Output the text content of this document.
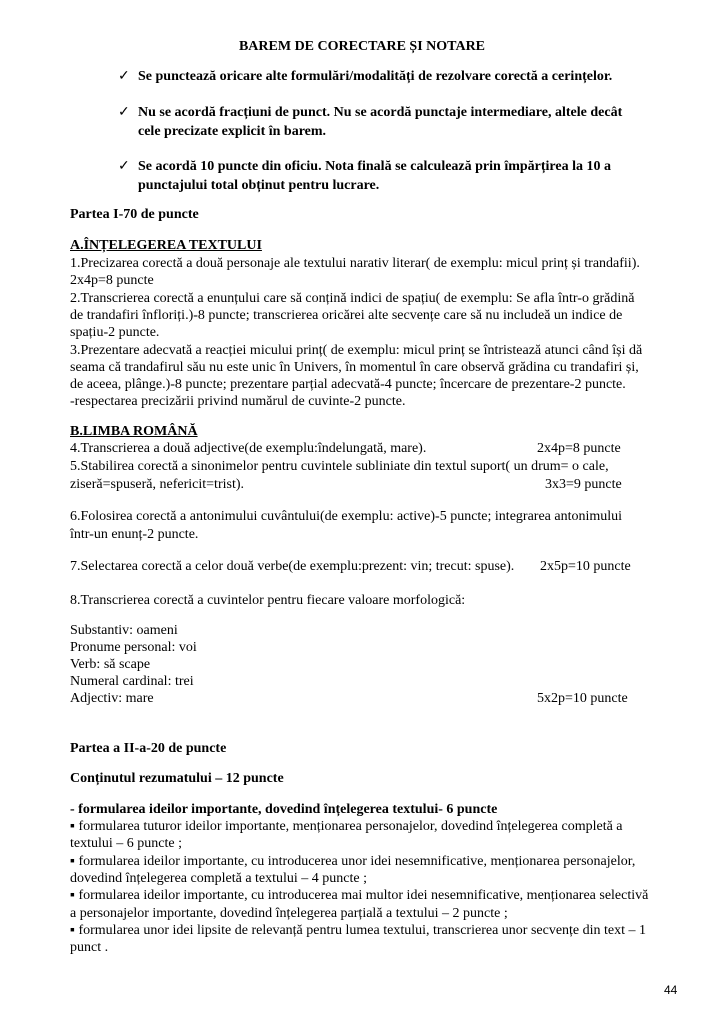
BAREM DE CORECTARE ȘI NOTARE
✓ Se punctează oricare alte formulări/modalități de rezolvare corectă a cerințelor.
✓ Nu se acordă fracțiuni de punct. Nu se acordă punctaje intermediare, altele decât
cele precizate explicit în barem.
✓ Se acordă 10 puncte din oficiu. Nota finală se calculează prin împărțirea la 10 a
punctajului total obținut pentru lucrare.
Partea I-70 de puncte
A.ÎNȚELEGEREA TEXTULUI
1.Precizarea corectă a două personaje ale textului narativ literar( de exemplu: micul prinț și trandafii).
2x4p=8 puncte
2.Transcrierea corectă a enunțului care să conțină indici de spațiu( de exemplu: Se afla într-o grădină
de trandafiri înfloriți.)-8 puncte; transcrierea oricărei alte secvențe care să nu includeă un indice de
spațiu-2 puncte.
3.Prezentare adecvată a reacției micului prinț( de exemplu: micul prinț se întristează atunci când își dă
seama că trandafirul său nu este unic în Univers, în momentul în care observă grădina cu trandafiri și,
de aceea, plânge.)-8 puncte; prezentare parțial adecvată-4 puncte; încercare de prezentare-2 puncte.
-respectarea precizării privind numărul de cuvinte-2 puncte.
B.LIMBA ROMÂNĂ
4.Transcrierea a două adjective(de exemplu:îndelungată, mare).	2x4p=8 puncte
5.Stabilirea corectă a sinonimelor pentru cuvintele subliniate din textul suport( un drum= o cale,
ziseră=spuseră, nefericit=trist).	3x3=9 puncte
6.Folosirea corectă a antonimului cuvântului(de exemplu: active)-5 puncte; integrarea antonimului
într-un enunț-2 puncte.
7.Selectarea corectă a celor două verbe(de exemplu:prezent: vin; trecut: spuse). 2x5p=10 puncte
8.Transcrierea corectă a cuvintelor pentru fiecare valoare morfologică:
Substantiv: oameni
Pronume personal: voi
Verb: să scape
Numeral cardinal: trei
Adjectiv: mare	5x2p=10 puncte
Partea a II-a-20 de puncte
Conținutul rezumatului – 12 puncte
- formularea ideilor importante, dovedind înțelegerea textului- 6 puncte
▪ formularea tuturor ideilor importante, menționarea personajelor, dovedind înțelegerea completă a
textului – 6 puncte ;
▪ formularea ideilor importante, cu introducerea unor idei nesemnificative, menționarea personajelor,
dovedind înțelegerea completă a textului – 4 puncte ;
▪ formularea ideilor importante, cu introducerea mai multor idei nesemnificative, menționarea selectivă
a personajelor importante, dovedind înțelegerea parțială a textului – 2 puncte ;
▪ formularea unor idei lipsite de relevanță pentru lumea textului, transcrierea unor secvențe din text – 1
punct .
44
